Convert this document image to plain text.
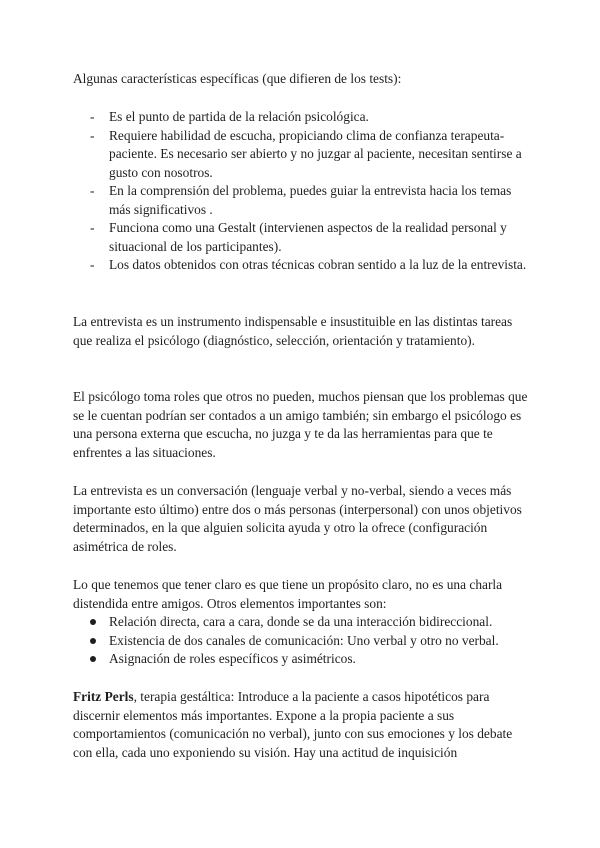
Algunas características específicas (que difieren de los tests):

- Es el punto de partida de la relación psicológica.
- Requiere habilidad de escucha, propiciando clima de confianza terapeuta-paciente. Es necesario ser abierto y no juzgar al paciente, necesitan sentirse a gusto con nosotros.
- En la comprensión del problema, puedes guiar la entrevista hacia los temas más significativos .
- Funciona como una Gestalt (intervienen aspectos de la realidad personal y situacional de los participantes).
- Los datos obtenidos con otras técnicas cobran sentido a la luz de la entrevista.

La entrevista es un instrumento indispensable e insustituible en las distintas tareas que realiza el psicólogo (diagnóstico, selección, orientación y tratamiento).

El psicólogo toma roles que otros no pueden, muchos piensan que los problemas que se le cuentan podrían ser contados a un amigo también; sin embargo el psicólogo es una persona externa que escucha, no juzga y te da las herramientas para que te enfrentes a las situaciones.

La entrevista es un conversación (lenguaje verbal y no-verbal, siendo a veces más importante esto último) entre dos o más personas (interpersonal) con unos objetivos determinados, en la que alguien solicita ayuda y otro la ofrece (configuración asimétrica de roles.

Lo que tenemos que tener claro es que tiene un propósito claro, no es una charla distendida entre amigos. Otros elementos importantes son:

Relación directa, cara a cara, donde se da una interacción bidireccional.
Existencia de dos canales de comunicación: Uno verbal y otro no verbal.
Asignación de roles específicos y asimétricos.

Fritz Perls, terapia gestáltica: Introduce a la paciente a casos hipotéticos para discernir elementos más importantes. Expone a la propia paciente a sus comportamientos (comunicación no verbal), junto con sus emociones y los debate con ella, cada uno exponiendo su visión. Hay una actitud de inquisición
